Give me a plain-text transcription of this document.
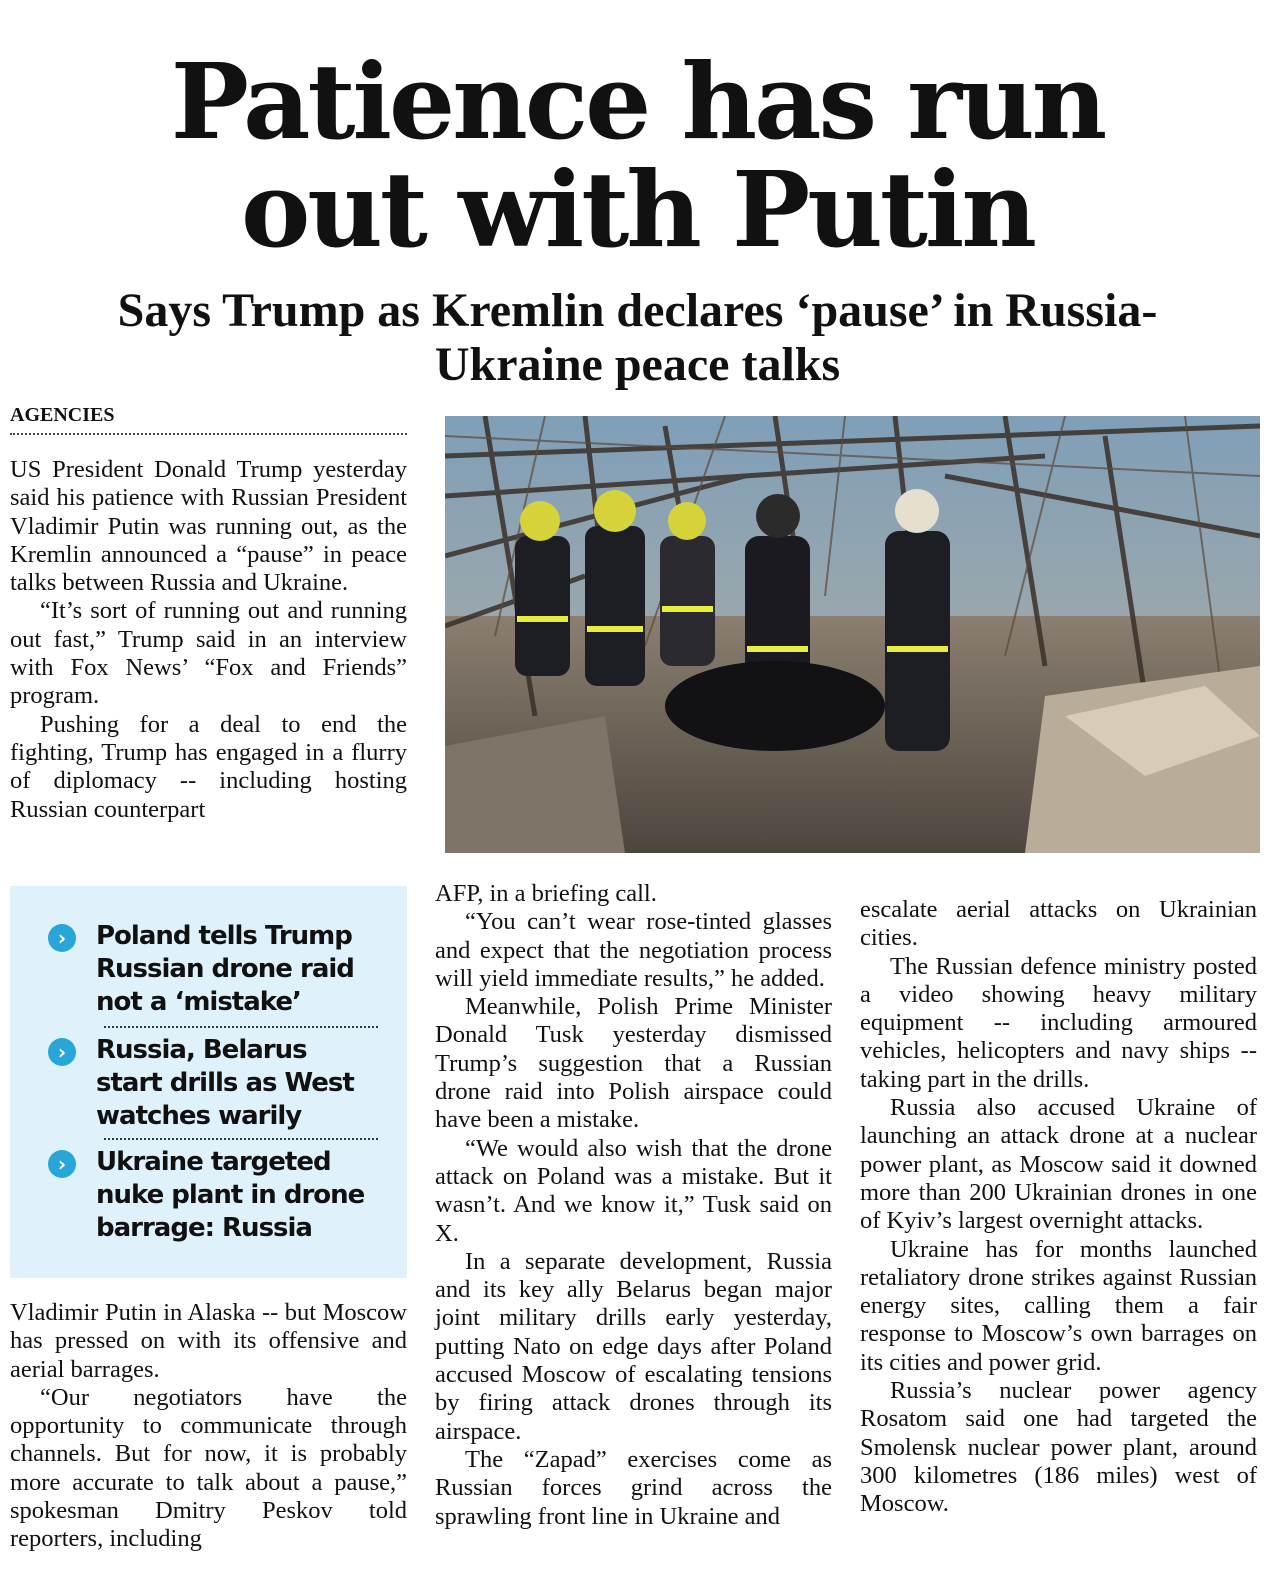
Patience has run
out with Putin
Says Trump as Kremlin declares ‘pause’ in Russia-Ukraine peace talks
AGENCIES

US President Donald Trump yesterday said his patience with Russian President Vladimir Putin was running out, as the Kremlin announced a “pause” in peace talks between Russia and Ukraine.

“It’s sort of running out and running out fast,” Trump said in an interview with Fox News’ “Fox and Friends” program.

Pushing for a deal to end the fighting, Trump has engaged in a flurry of diplomacy -- including hosting Russian counterpart

›	Poland tells Trump Russian drone raid not a ‘mistake’
›	Russia, Belarus start drills as West watches warily
›	Ukraine targeted nuke plant in drone barrage: Russia

Vladimir Putin in Alaska -- but Moscow has pressed on with its offensive and aerial barrages.

“Our negotiators have the opportunity to communicate through channels. But for now, it is probably more accurate to talk about a pause,” spokesman Dmitry Peskov told reporters, including

AFP, in a briefing call.

“You can’t wear rose-tinted glasses and expect that the negotiation process will yield immediate results,” he added.

Meanwhile, Polish Prime Minister Donald Tusk yesterday dismissed Trump’s suggestion that a Russian drone raid into Polish airspace could have been a mistake.

“We would also wish that the drone attack on Poland was a mistake. But it wasn’t. And we know it,” Tusk said on X.

In a separate development, Russia and its key ally Belarus began major joint military drills early yesterday, putting Nato on edge days after Poland accused Moscow of escalating tensions by firing attack drones through its airspace.

The “Zapad” exercises come as Russian forces grind across the sprawling front line in Ukraine and

escalate aerial attacks on Ukrainian cities.

The Russian defence ministry posted a video showing heavy military equipment -- including armoured vehicles, helicopters and navy ships -- taking part in the drills.

Russia also accused Ukraine of launching an attack drone at a nuclear power plant, as Moscow said it downed more than 200 Ukrainian drones in one of Kyiv’s largest overnight attacks.

Ukraine has for months launched retaliatory drone strikes against Russian energy sites, calling them a fair response to Moscow’s own barrages on its cities and power grid.

Russia’s nuclear power agency Rosatom said one had targeted the Smolensk nuclear power plant, around 300 kilometres (186 miles) west of Moscow.
